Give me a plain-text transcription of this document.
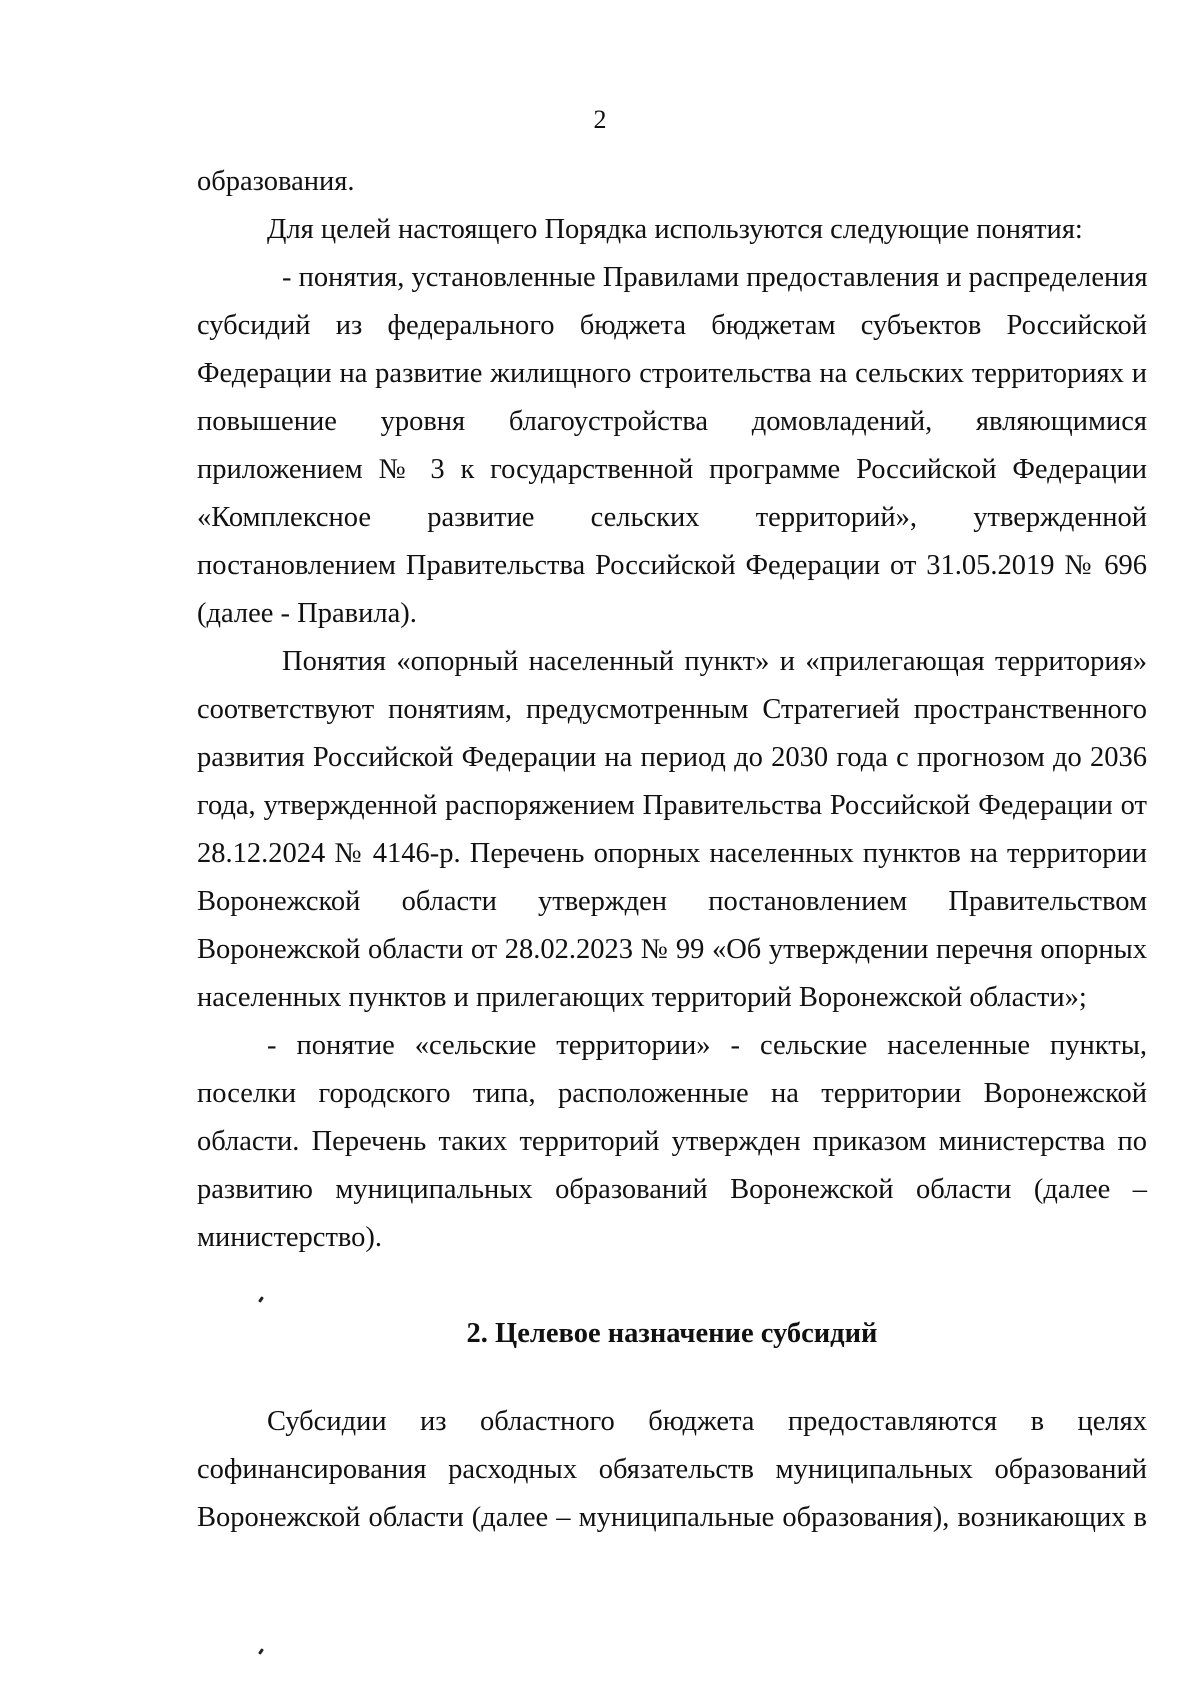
2

образования.

Для целей настоящего Порядка используются следующие понятия:

- понятия, установленные Правилами предоставления и распределения
субсидий из федерального бюджета бюджетам субъектов Российской
Федерации на развитие жилищного строительства на сельских территориях и
повышение уровня благоустройства домовладений, являющимися
приложением № 3 к государственной программе Российской Федерации
«Комплексное развитие сельских территорий», утвержденной
постановлением Правительства Российской Федерации от 31.05.2019 № 696
(далее - Правила).

Понятия «опорный населенный пункт» и «прилегающая территория»
соответствуют понятиям, предусмотренным Стратегией пространственного
развития Российской Федерации на период до 2030 года с прогнозом до 2036
года, утвержденной распоряжением Правительства Российской Федерации от
28.12.2024 № 4146-р. Перечень опорных населенных пунктов на территории
Воронежской области утвержден постановлением Правительством
Воронежской области от 28.02.2023 № 99 «Об утверждении перечня опорных
населенных пунктов и прилегающих территорий Воронежской области»;

- понятие «сельские территории» - сельские населенные пункты,
поселки городского типа, расположенные на территории Воронежской
области. Перечень таких территорий утвержден приказом министерства по
развитию муниципальных образований Воронежской области (далее –
министерство).

2. Целевое назначение субсидий

Субсидии из областного бюджета предоставляются в целях
софинансирования расходных обязательств муниципальных образований
Воронежской области (далее – муниципальные образования), возникающих в
